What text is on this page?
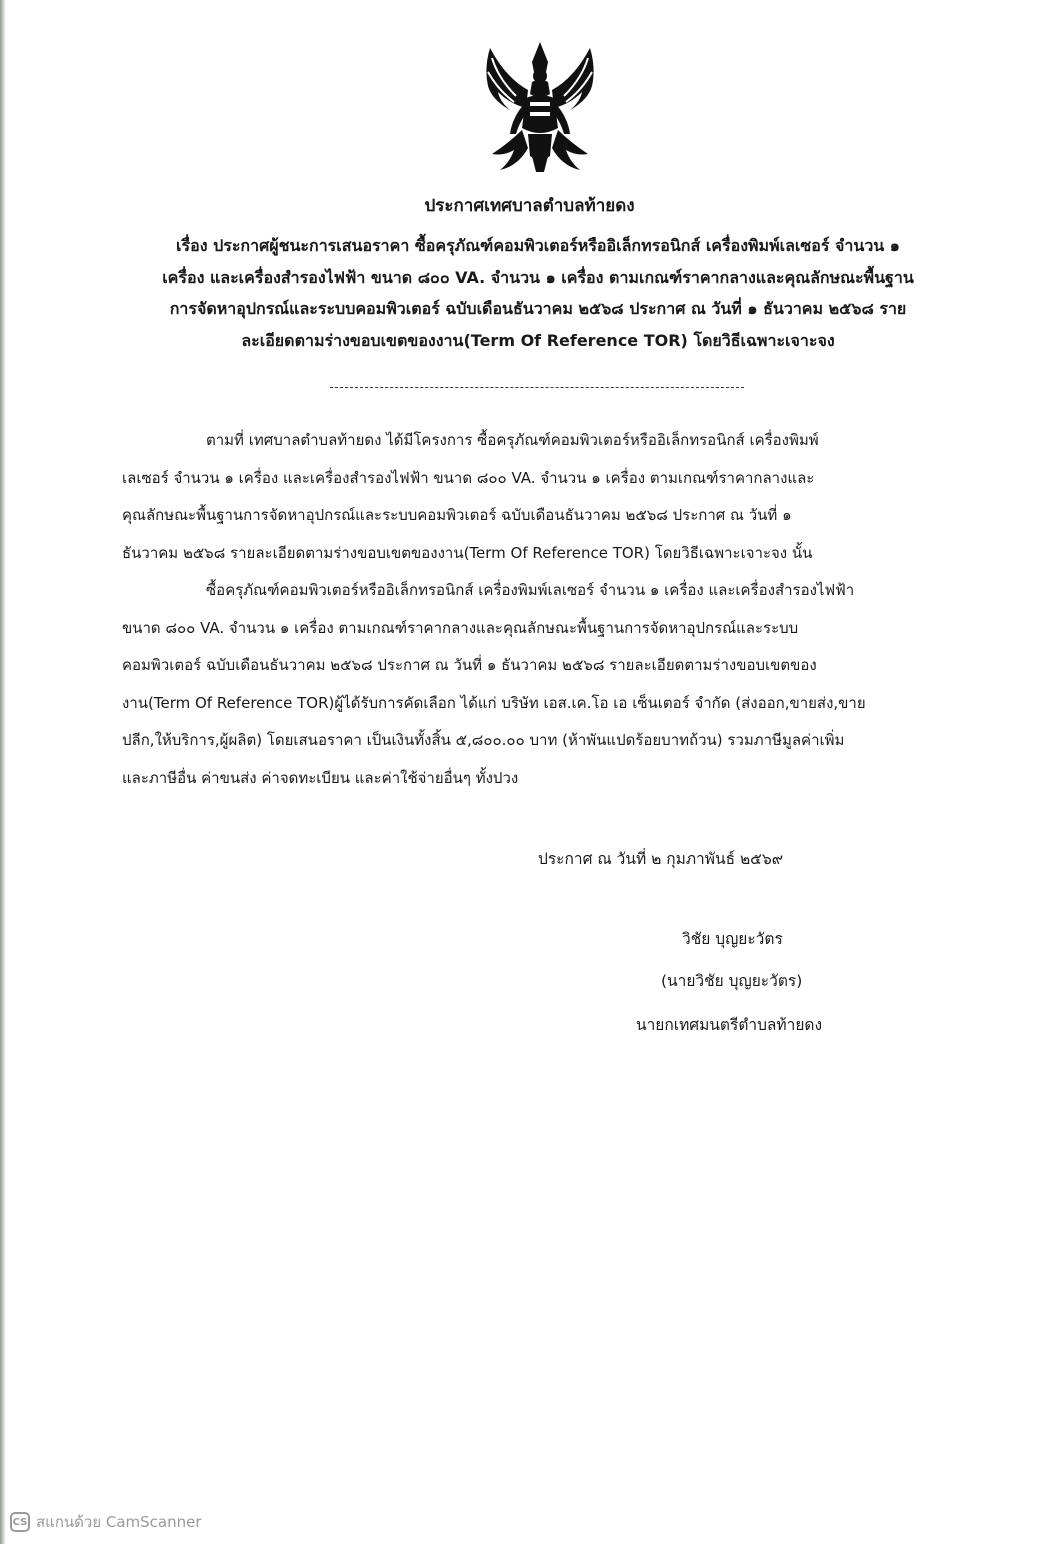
ประกาศเทศบาลตำบลท้ายดง
เรื่อง ประกาศผู้ชนะการเสนอราคา ซื้อครุภัณฑ์คอมพิวเตอร์หรืออิเล็กทรอนิกส์ เครื่องพิมพ์เลเซอร์ จำนวน ๑
เครื่อง และเครื่องสำรองไฟฟ้า ขนาด ๘๐๐ VA. จำนวน ๑ เครื่อง ตามเกณฑ์ราคากลางและคุณลักษณะพื้นฐาน
การจัดหาอุปกรณ์และระบบคอมพิวเตอร์ ฉบับเดือนธันวาคม ๒๕๖๘ ประกาศ ณ วันที่ ๑ ธันวาคม ๒๕๖๘ ราย
ละเอียดตามร่างขอบเขตของงาน(Term Of Reference TOR) โดยวิธีเฉพาะเจาะจง
ตามที่ เทศบาลตำบลท้ายดง ได้มีโครงการ ซื้อครุภัณฑ์คอมพิวเตอร์หรืออิเล็กทรอนิกส์ เครื่องพิมพ์
เลเซอร์ จำนวน ๑ เครื่อง และเครื่องสำรองไฟฟ้า ขนาด ๘๐๐ VA. จำนวน ๑ เครื่อง ตามเกณฑ์ราคากลางและ
คุณลักษณะพื้นฐานการจัดหาอุปกรณ์และระบบคอมพิวเตอร์ ฉบับเดือนธันวาคม ๒๕๖๘ ประกาศ ณ วันที่ ๑
ธันวาคม ๒๕๖๘ รายละเอียดตามร่างขอบเขตของงาน(Term Of Reference TOR) โดยวิธีเฉพาะเจาะจง นั้น
ซื้อครุภัณฑ์คอมพิวเตอร์หรืออิเล็กทรอนิกส์ เครื่องพิมพ์เลเซอร์ จำนวน ๑ เครื่อง และเครื่องสำรองไฟฟ้า
ขนาด ๘๐๐ VA. จำนวน ๑ เครื่อง ตามเกณฑ์ราคากลางและคุณลักษณะพื้นฐานการจัดหาอุปกรณ์และระบบ
คอมพิวเตอร์ ฉบับเดือนธันวาคม ๒๕๖๘ ประกาศ ณ วันที่ ๑ ธันวาคม ๒๕๖๘ รายละเอียดตามร่างขอบเขตของ
งาน(Term Of Reference TOR)ผู้ได้รับการคัดเลือก ได้แก่ บริษัท เอส.เค.โอ เอ เซ็นเตอร์ จำกัด (ส่งออก,ขายส่ง,ขาย
ปลีก,ให้บริการ,ผู้ผลิต) โดยเสนอราคา เป็นเงินทั้งสิ้น ๕,๘๐๐.๐๐ บาท (ห้าพันแปดร้อยบาทถ้วน) รวมภาษีมูลค่าเพิ่ม
และภาษีอื่น ค่าขนส่ง ค่าจดทะเบียน และค่าใช้จ่ายอื่นๆ ทั้งปวง
ประกาศ ณ วันที่ ๒ กุมภาพันธ์ ๒๕๖๙
วิชัย บุญยะวัตร
(นายวิชัย บุญยะวัตร)
นายกเทศมนตรีตำบลท้ายดง
CS สแกนด้วย CamScanner
